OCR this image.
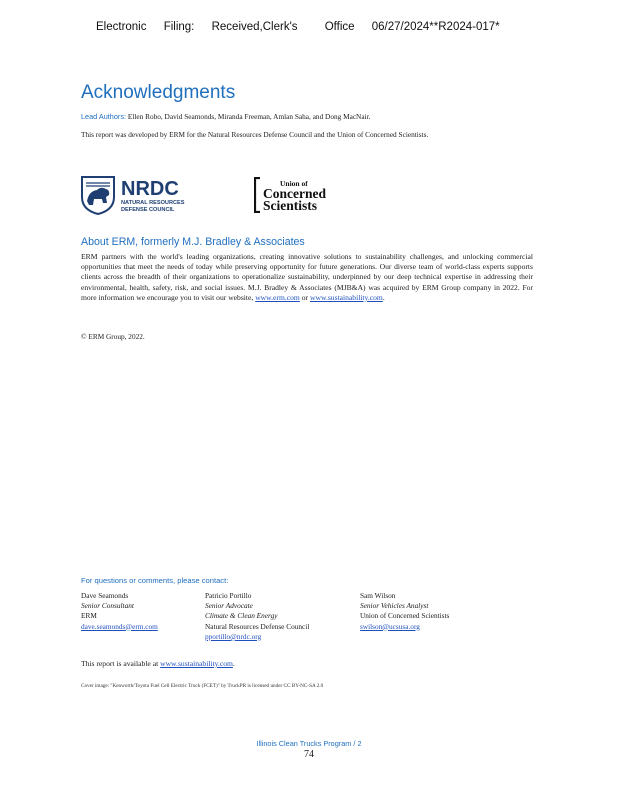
Electronic Filing: Received,Clerk's Office 06/27/2024**R2024-017*
Acknowledgments
Lead Authors: Ellen Robo, David Seamonds, Miranda Freeman, Amlan Saha, and Dong MacNair.
This report was developed by ERM for the Natural Resources Defense Council and the Union of Concerned Scientists.
NRDC
NATURAL RESOURCES
DEFENSE COUNCIL
Union of
Concerned
Scientists
About ERM, formerly M.J. Bradley & Associates
ERM partners with the world's leading organizations, creating innovative solutions to sustainability challenges, and unlocking commercial opportunities that meet the needs of today while preserving opportunity for future generations. Our diverse team of world-class experts supports clients across the breadth of their organizations to operationalize sustainability, underpinned by our deep technical expertise in addressing their environmental, health, safety, risk, and social issues. M.J. Bradley & Associates (MJB&A) was acquired by ERM Group company in 2022. For more information we encourage you to visit our website, www.erm.com or www.sustainability.com.
© ERM Group, 2022.
For questions or comments, please contact:
Dave Seamonds
Senior Consultant
ERM
dave.seamonds@erm.com
Patricio Portillo
Senior Advocate
Climate & Clean Energy
Natural Resources Defense Council
pportillo@nrdc.org
Sam Wilson
Senior Vehicles Analyst
Union of Concerned Scientists
swilson@ucsusa.org
This report is available at www.sustainability.com.
Cover image: "Kenworth/Toyota Fuel Cell Electric Truck (FCET)" by TruckPR is licensed under CC BY-NC-SA 2.0
Illinois Clean Trucks Program / 2
74
